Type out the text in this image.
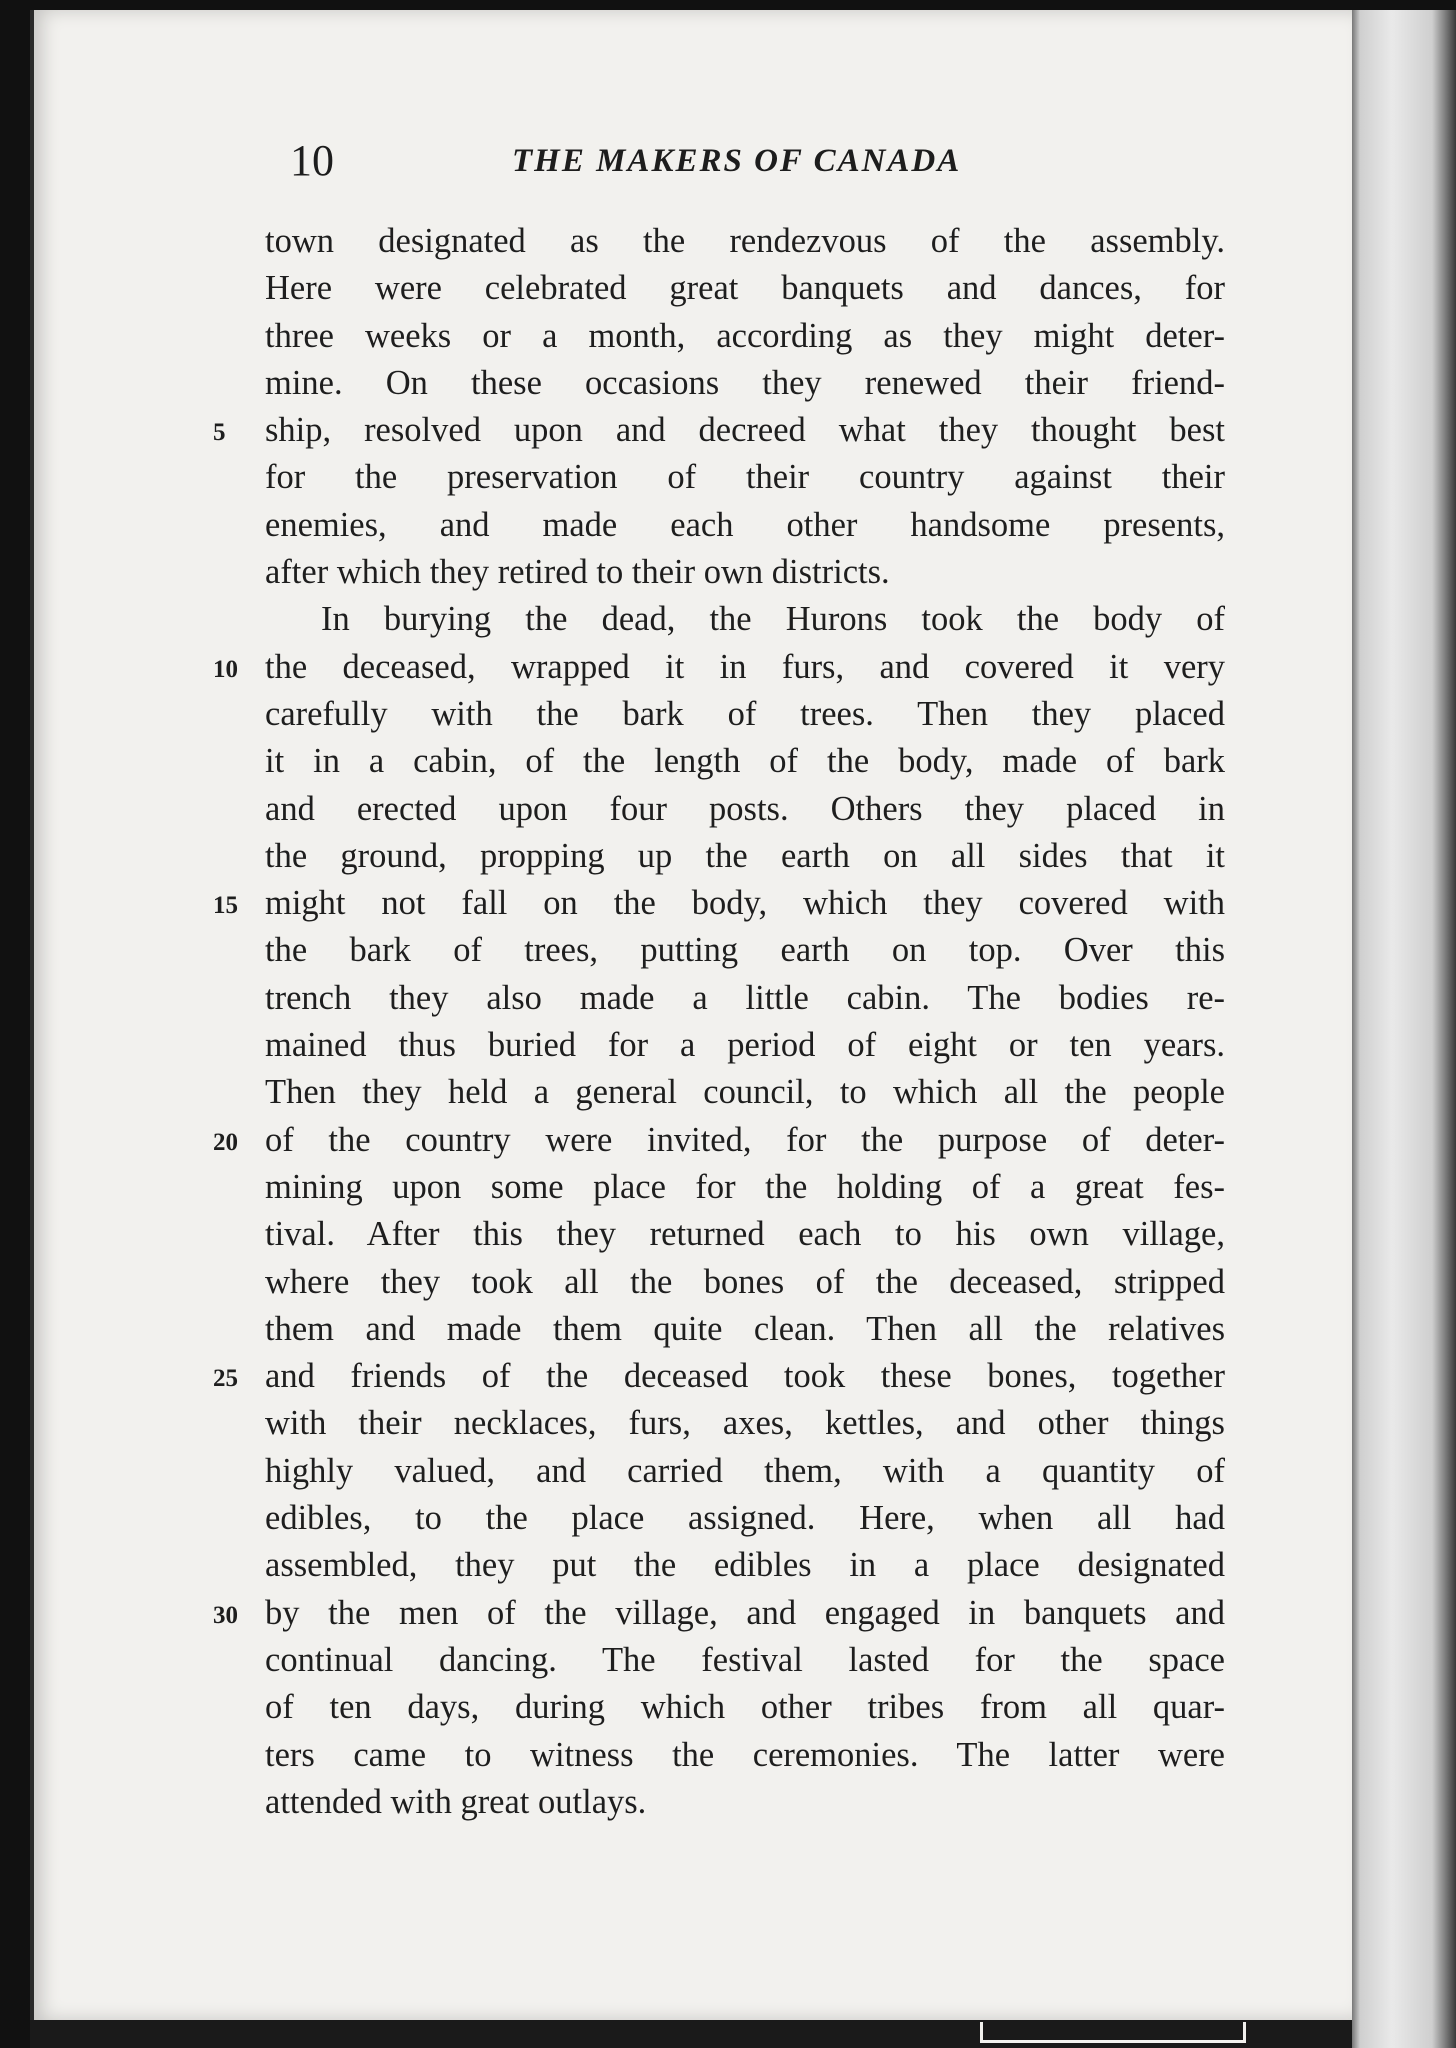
10	THE MAKERS OF CANADA
town designated as the rendezvous of the assembly.
Here were celebrated great banquets and dances, for
three weeks or a month, according as they might deter-
mine. On these occasions they renewed their friend-
ship, resolved upon and decreed what they thought best
5
for the preservation of their country against their
enemies, and made each other handsome presents,
after which they retired to their own districts.
In burying the dead, the Hurons took the body of
the deceased, wrapped it in furs, and covered it very
10
carefully with the bark of trees. Then they placed
it in a cabin, of the length of the body, made of bark
and erected upon four posts. Others they placed in
the ground, propping up the earth on all sides that it
might not fall on the body, which they covered with
15
the bark of trees, putting earth on top. Over this
trench they also made a little cabin. The bodies re-
mained thus buried for a period of eight or ten years.
Then they held a general council, to which all the people
of the country were invited, for the purpose of deter-
20
mining upon some place for the holding of a great fes-
tival. After this they returned each to his own village,
where they took all the bones of the deceased, stripped
them and made them quite clean. Then all the relatives
and friends of the deceased took these bones, together
25
with their necklaces, furs, axes, kettles, and other things
highly valued, and carried them, with a quantity of
edibles, to the place assigned. Here, when all had
assembled, they put the edibles in a place designated
by the men of the village, and engaged in banquets and
30
continual dancing. The festival lasted for the space
of ten days, during which other tribes from all quar-
ters came to witness the ceremonies. The latter were
attended with great outlays.
